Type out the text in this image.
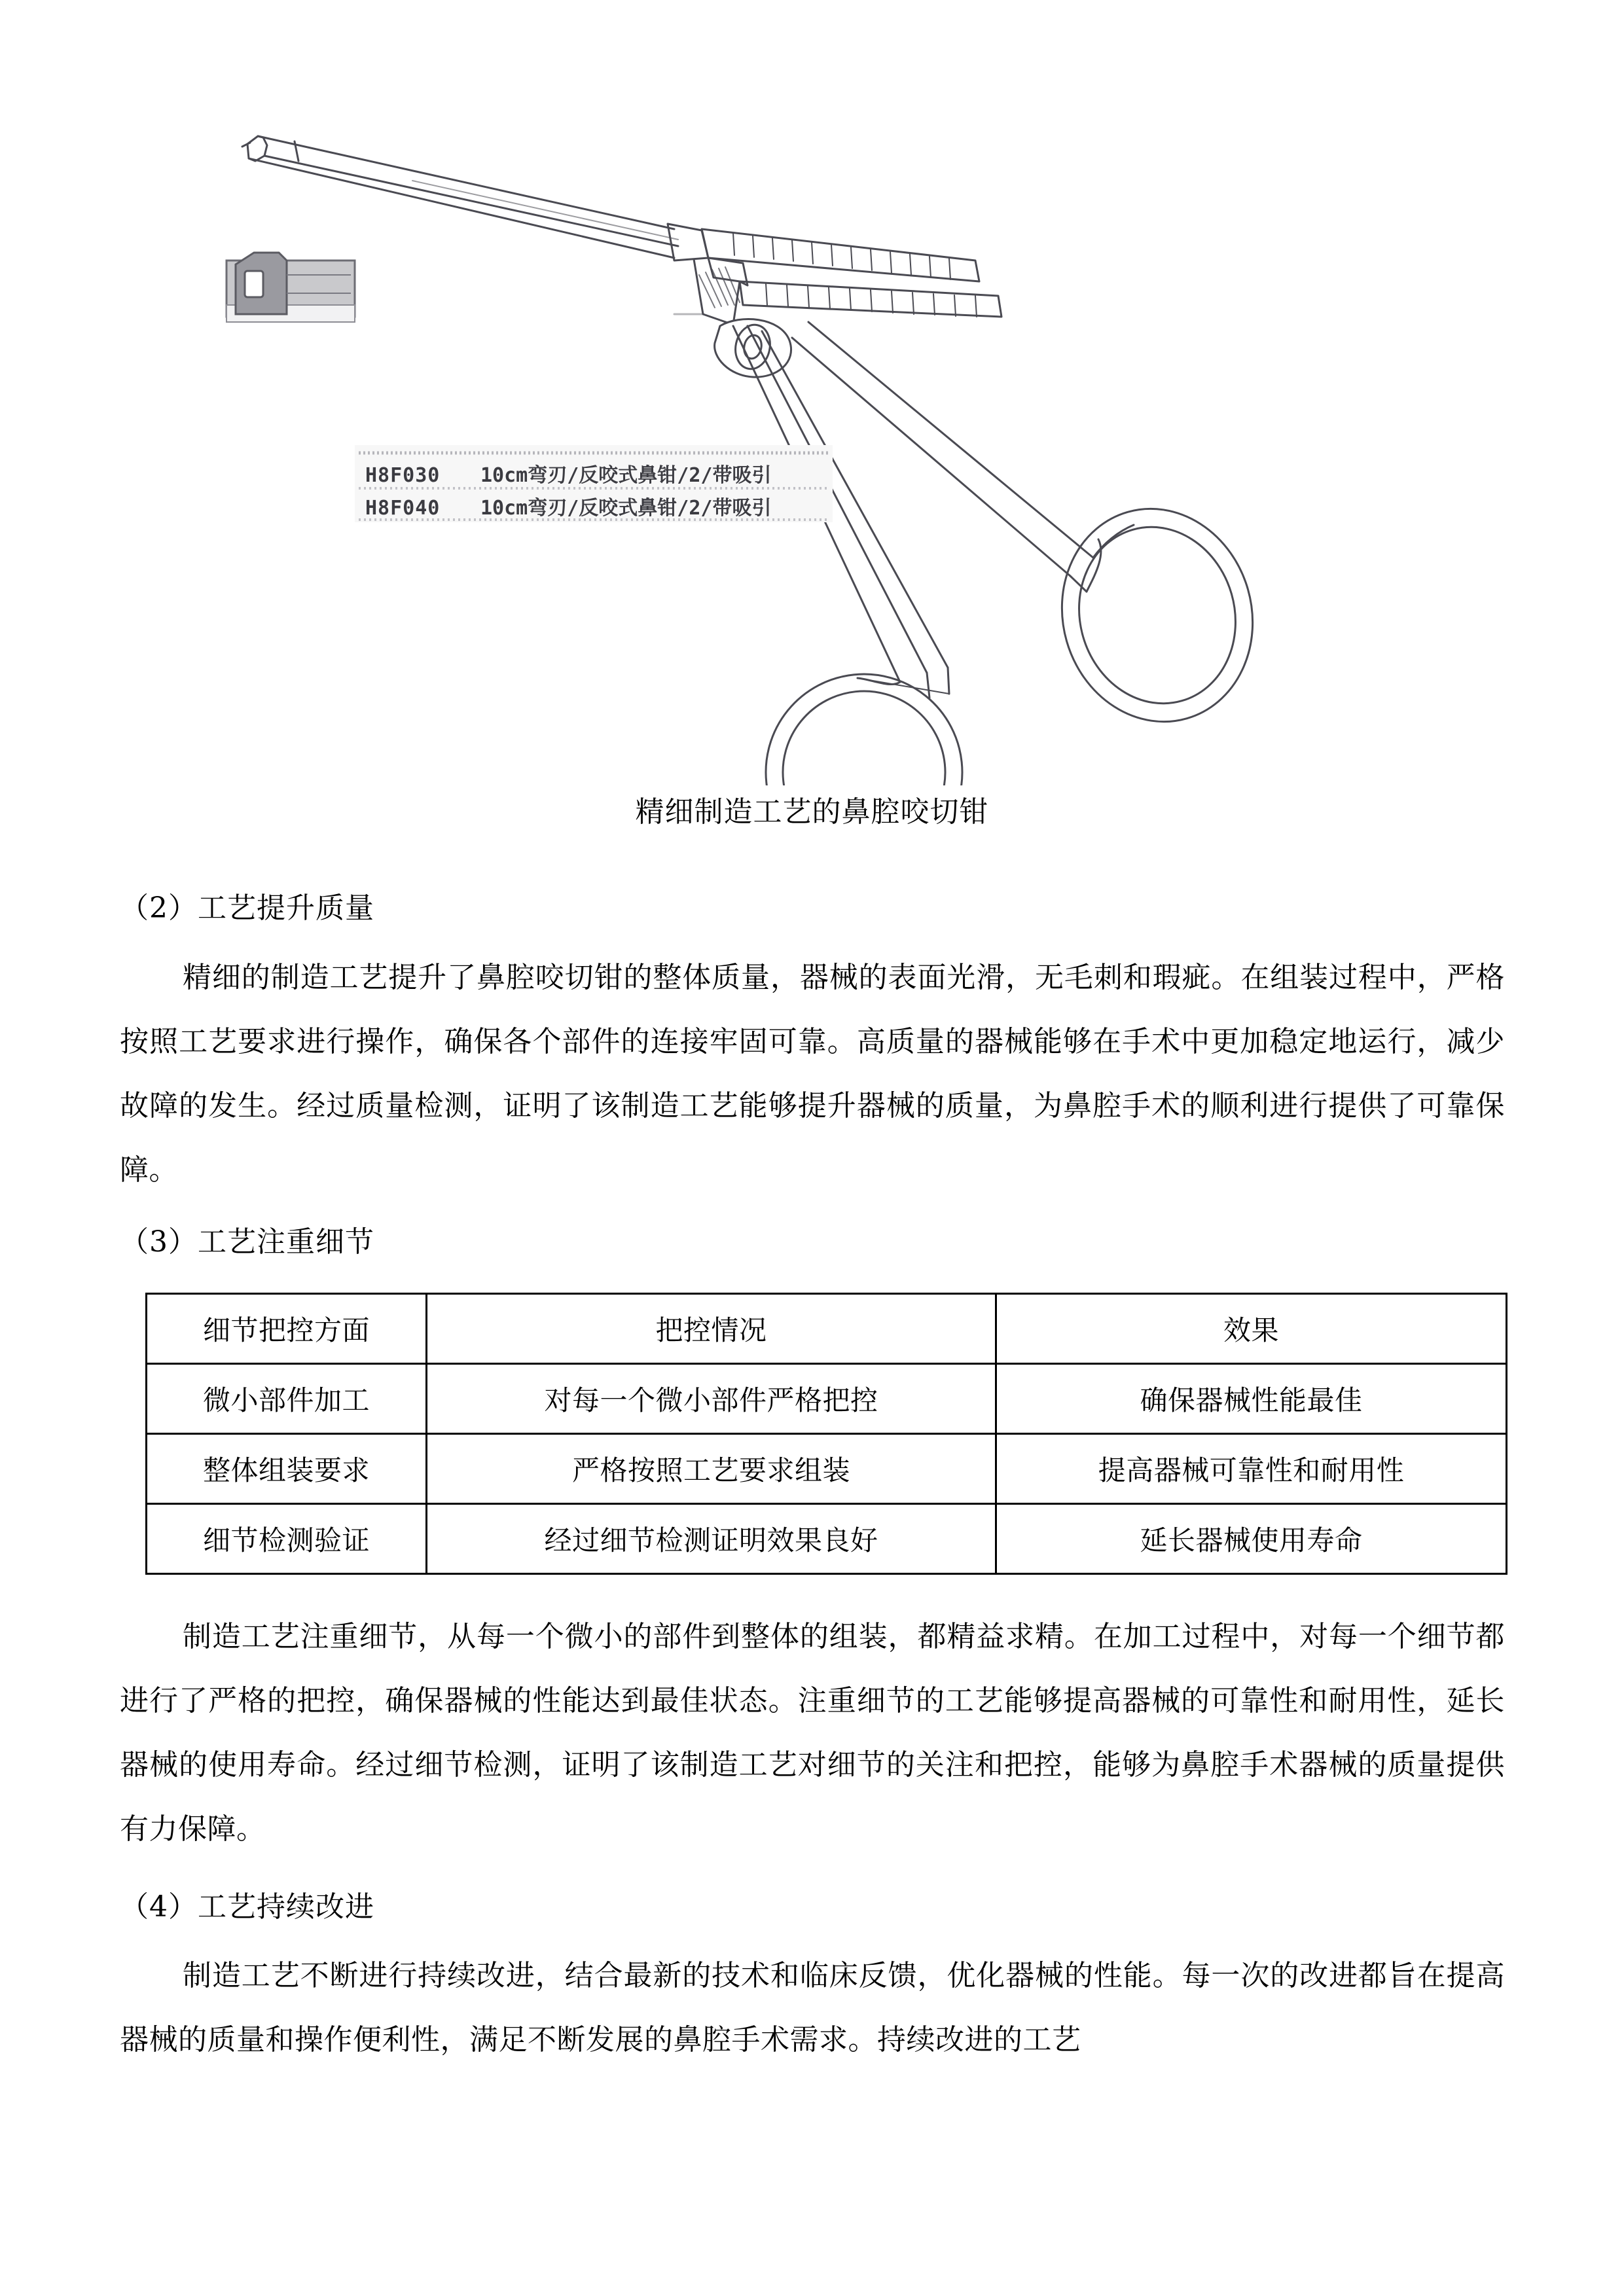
H8F030 10cm弯刃/反咬式鼻钳/2/带吸引
H8F040 10cm弯刃/反咬式鼻钳/2/带吸引
精细制造工艺的鼻腔咬切钳
（2）工艺提升质量
精细的制造工艺提升了鼻腔咬切钳的整体质量，器械的表面光滑，无毛刺和瑕疵。在组装过程中，严格按照工艺要求进行操作，确保各个部件的连接牢固可靠。高质量的器械能够在手术中更加稳定地运行，减少故障的发生。经过质量检测，证明了该制造工艺能够提升器械的质量，为鼻腔手术的顺利进行提供了可靠保障。
（3）工艺注重细节
细节把控方面	把控情况	效果
微小部件加工	对每一个微小部件严格把控	确保器械性能最佳
整体组装要求	严格按照工艺要求组装	提高器械可靠性和耐用性
细节检测验证	经过细节检测证明效果良好	延长器械使用寿命
制造工艺注重细节，从每一个微小的部件到整体的组装，都精益求精。在加工过程中，对每一个细节都进行了严格的把控，确保器械的性能达到最佳状态。注重细节的工艺能够提高器械的可靠性和耐用性，延长器械的使用寿命。经过细节检测，证明了该制造工艺对细节的关注和把控，能够为鼻腔手术器械的质量提供有力保障。
（4）工艺持续改进
制造工艺不断进行持续改进，结合最新的技术和临床反馈，优化器械的性能。每一次的改进都旨在提高器械的质量和操作便利性，满足不断发展的鼻腔手术需求。持续改进的工艺
